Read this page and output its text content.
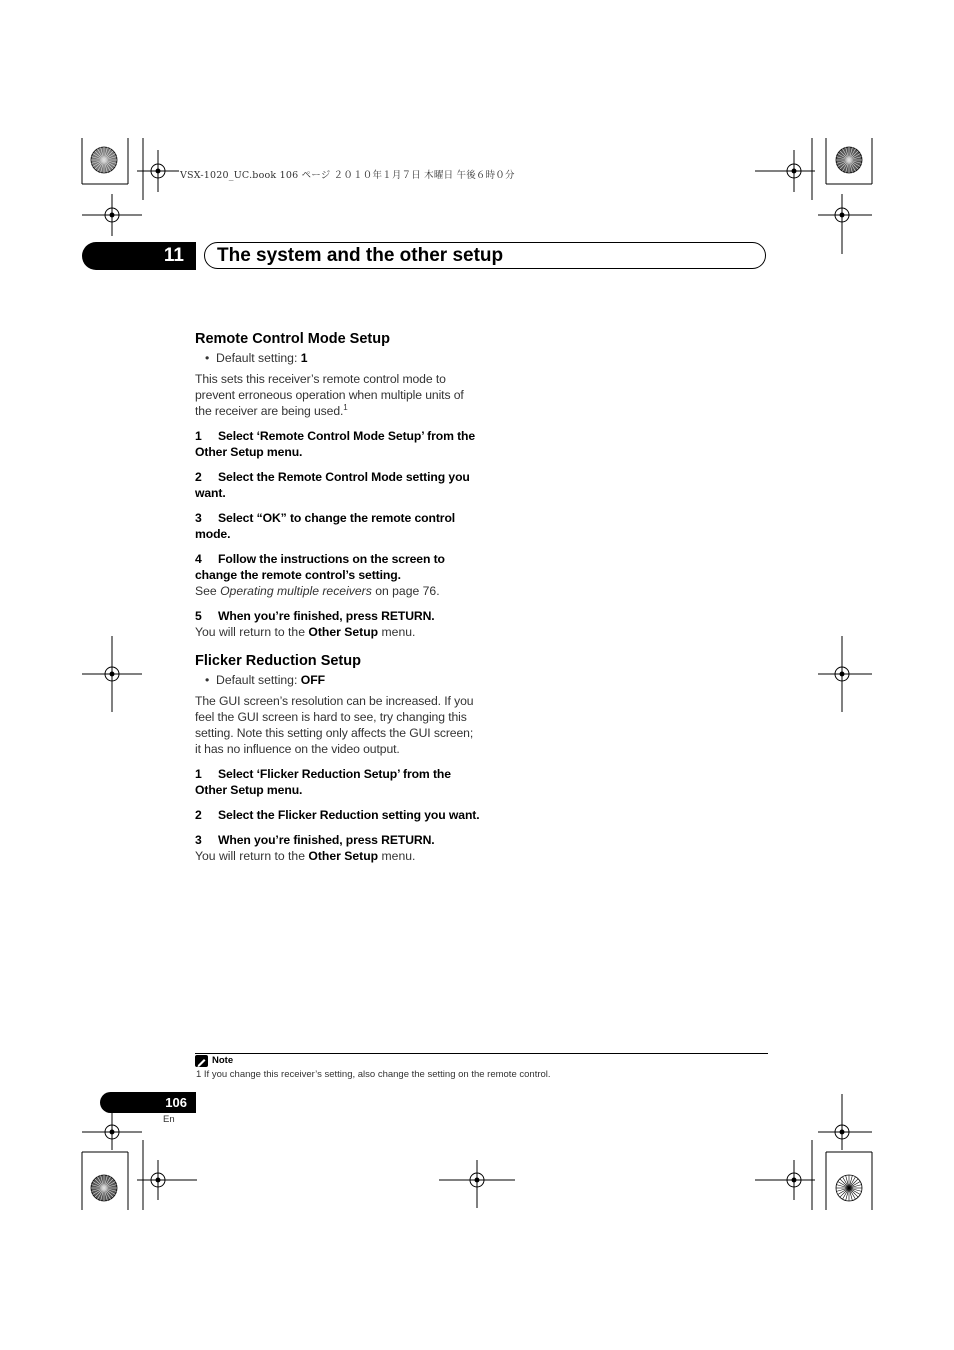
VSX-1020_UC.book 106 ページ ２０１０年１月７日 木曜日 午後６時０分
11 The system and the other setup
Remote Control Mode Setup
•  Default setting: 1

This sets this receiver’s remote control mode to prevent erroneous operation when multiple units of the receiver are being used.$^1$

1 Select ‘Remote Control Mode Setup’ from the Other Setup menu.

2 Select the Remote Control Mode setting you want.

3 Select “OK” to change the remote control mode.

4 Follow the instructions on the screen to change the remote control’s setting.

See Operating multiple receivers on page 76.

5 When you’re finished, press RETURN.

You will return to the Other Setup menu.

Flicker Reduction Setup
•  Default setting: OFF

The GUI screen’s resolution can be increased. If you feel the GUI screen is hard to see, try changing this setting. Note this setting only affects the GUI screen; it has no influence on the video output.

1 Select ‘Flicker Reduction Setup’ from the Other Setup menu.

2 Select the Flicker Reduction setting you want.

3 When you’re finished, press RETURN.

You will return to the Other Setup menu.

Note
1 If you change this receiver’s setting, also change the setting on the remote control.
106
En
